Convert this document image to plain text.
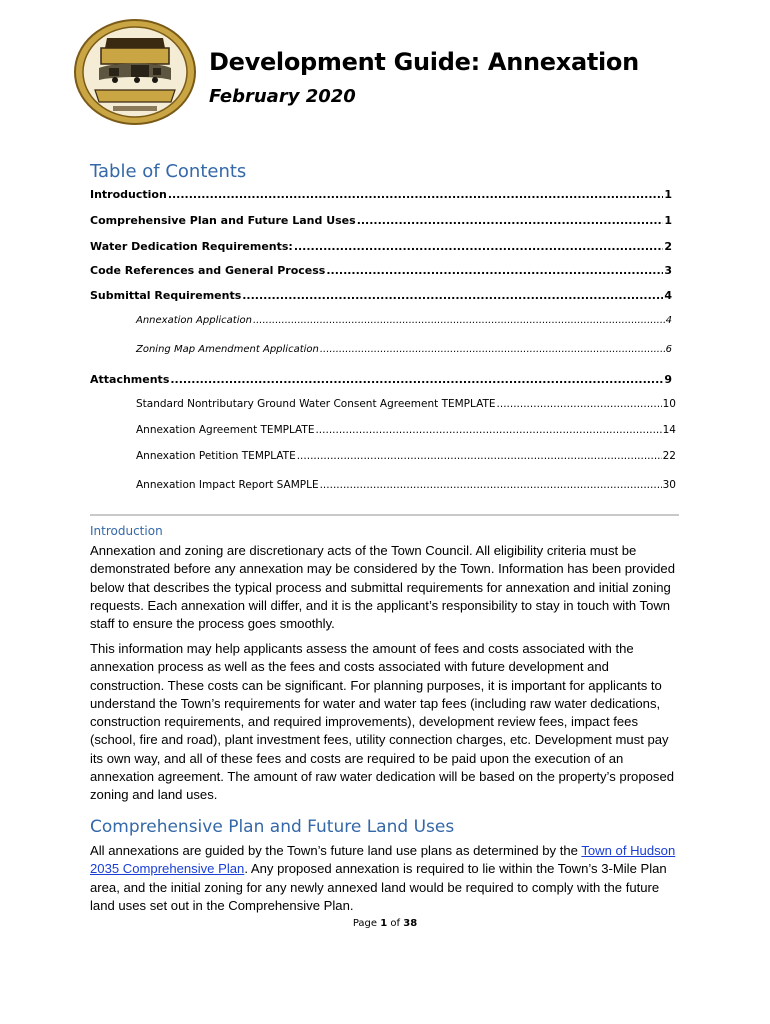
Development Guide: Annexation
February 2020
Table of Contents
Introduction .....	1
Comprehensive Plan and Future Land Uses .....	1
Water Dedication Requirements: .....	2
Code References and General Process .....	3
Submittal Requirements .....	4
Annexation Application .....	4
Zoning Map Amendment Application .....	6
Attachments .....	9
Standard Nontributary Ground Water Consent Agreement TEMPLATE .....	10
Annexation Agreement TEMPLATE .....	14
Annexation Petition TEMPLATE .....	22
Annexation Impact Report SAMPLE .....	30
Introduction

Annexation and zoning are discretionary acts of the Town Council. All eligibility criteria must be demonstrated before any annexation may be considered by the Town. Information has been provided below that describes the typical process and submittal requirements for annexation and initial zoning requests. Each annexation will differ, and it is the applicant’s responsibility to stay in touch with Town staff to ensure the process goes smoothly.

This information may help applicants assess the amount of fees and costs associated with the annexation process as well as the fees and costs associated with future development and construction. These costs can be significant. For planning purposes, it is important for applicants to understand the Town’s requirements for water and water tap fees (including raw water dedications, construction requirements, and required improvements), development review fees, impact fees (school, fire and road), plant investment fees, utility connection charges, etc. Development must pay its own way, and all of these fees and costs are required to be paid upon the execution of an annexation agreement. The amount of raw water dedication will be based on the property’s proposed zoning and land uses.

Comprehensive Plan and Future Land Uses

All annexations are guided by the Town’s future land use plans as determined by the Town of Hudson 2035 Comprehensive Plan. Any proposed annexation is required to lie within the Town’s 3-Mile Plan area, and the initial zoning for any newly annexed land would be required to comply with the future land uses set out in the Comprehensive Plan.

Page 1 of 38
